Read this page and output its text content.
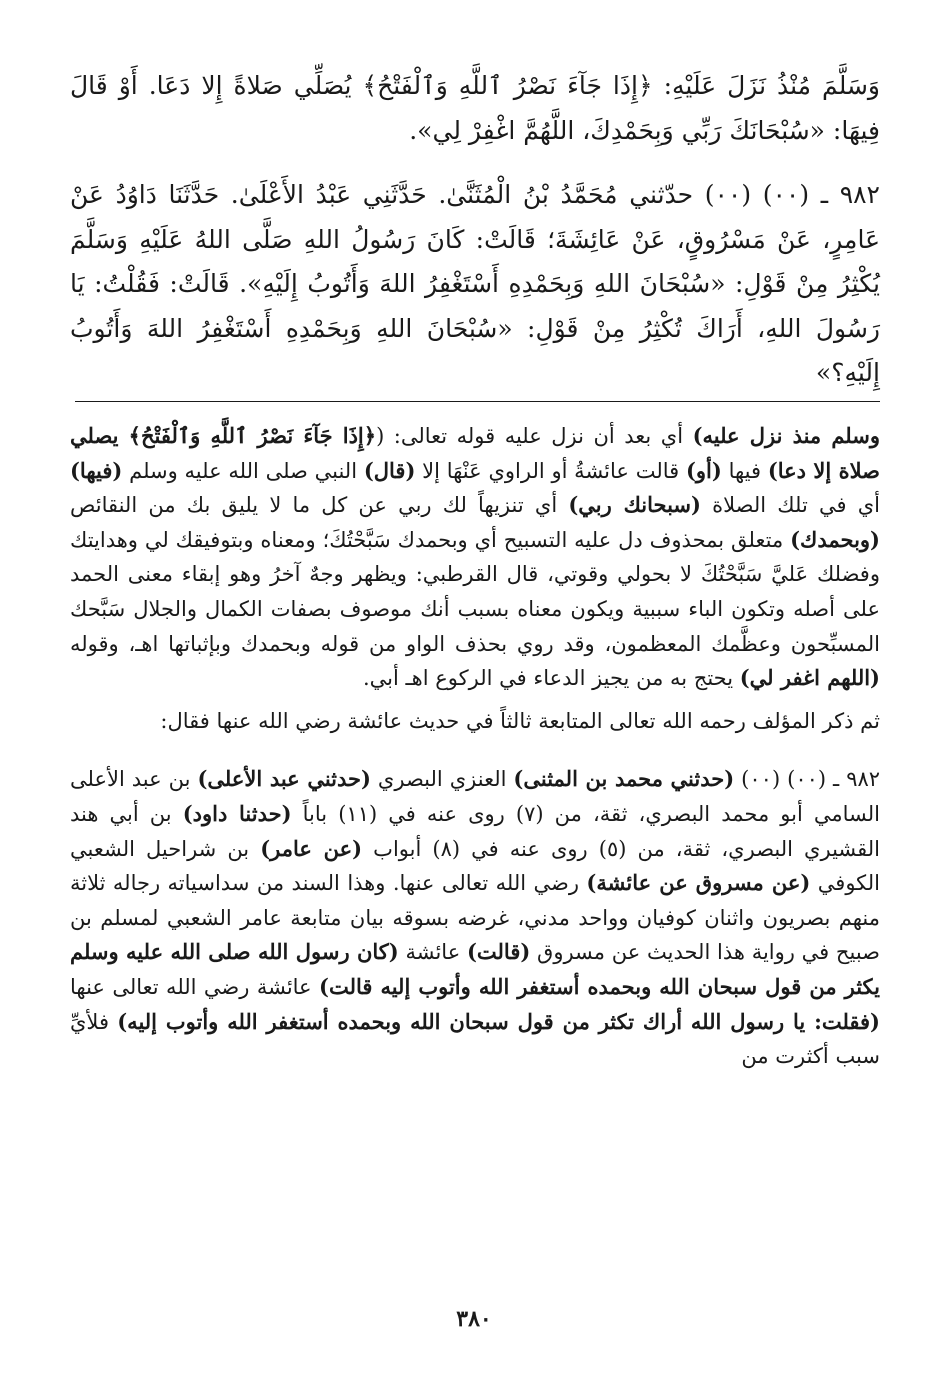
وَسَلَّمَ مُنْذُ نَزَلَ عَلَيْهِ: ﴿إِذَا جَآءَ نَصْرُ ٱللَّهِ وَٱلْفَتْحُ﴾ يُصَلِّي صَلاةً إِلا دَعَا. أَوْ قَالَ فِيهَا: «سُبْحَانَكَ رَبِّي وَبِحَمْدِكَ، اللَّهُمَّ اغْفِرْ لِي».

٩٨٢ ـ (٠٠) (٠٠) حدّثني مُحَمَّدُ بْنُ الْمُثَنَّىٰ. حَدَّثَنِي عَبْدُ الأَعْلَىٰ. حَدَّثَنَا دَاوُدُ عَنْ عَامِرٍ، عَنْ مَسْرُوقٍ، عَنْ عَائِشَةَ؛ قَالَتْ: كَانَ رَسُولُ اللهِ صَلَّى اللهُ عَلَيْهِ وَسَلَّمَ يُكْثِرُ مِنْ قَوْلِ: «سُبْحَانَ اللهِ وَبِحَمْدِهِ أَسْتَغْفِرُ اللهَ وَأَتُوبُ إِلَيْهِ». قَالَتْ: فَقُلْتُ: يَا رَسُولَ اللهِ، أَرَاكَ تُكْثِرُ مِنْ قَوْلِ: «سُبْحَانَ اللهِ وَبِحَمْدِهِ أَسْتَغْفِرُ اللهَ وَأَتُوبُ إِلَيْهِ؟»

وسلم منذ نزل عليه) أي بعد أن نزل عليه قوله تعالى: (﴿إِذَا جَآءَ نَصْرُ ٱللَّهِ وَٱلْفَتْحُ﴾ يصلي صلاة إلا دعا) فيها (أو) قالت عائشةُ أو الراوي عَنْهَا إلا (قال) النبي صلى الله عليه وسلم (فيها) أي في تلك الصلاة (سبحانك ربي) أي تنزيهاً لك ربي عن كل ما لا يليق بك من النقائص (وبحمدك) متعلق بمحذوف دل عليه التسبيح أي وبحمدك سَبَّحْتُكَ؛ ومعناه وبتوفيقك لي وهدايتك وفضلك عَليَّ سَبَّحْتُكَ لا بحولي وقوتي، قال القرطبي: ويظهر وجهٌ آخرُ وهو إبقاء معنى الحمد على أصله وتكون الباء سببية ويكون معناه بسبب أنك موصوف بصفات الكمال والجلال سَبَّحك المسبِّحون وعظَّمك المعظمون، وقد روي بحذف الواو من قوله وبحمدك وبإثباتها اهـ، وقوله (اللهم اغفر لي) يحتج به من يجيز الدعاء في الركوع اهـ أبي.

ثم ذكر المؤلف رحمه الله تعالى المتابعة ثالثاً في حديث عائشة رضي الله عنها فقال:

٩٨٢ ـ (٠٠) (٠٠) (حدثني محمد بن المثنى) العنزي البصري (حدثني عبد الأعلى) بن عبد الأعلى السامي أبو محمد البصري، ثقة، من (٧) روى عنه في (١١) باباً (حدثنا داود) بن أبي هند القشيري البصري، ثقة، من (٥) روى عنه في (٨) أبواب (عن عامر) بن شراحيل الشعبي الكوفي (عن مسروق عن عائشة) رضي الله تعالى عنها. وهذا السند من سداسياته رجاله ثلاثة منهم بصريون واثنان كوفيان وواحد مدني، غرضه بسوقه بيان متابعة عامر الشعبي لمسلم بن صبيح في رواية هذا الحديث عن مسروق (قالت) عائشة (كان رسول الله صلى الله عليه وسلم يكثر من قول سبحان الله وبحمده أستغفر الله وأتوب إليه قالت) عائشة رضي الله تعالى عنها (فقلت: يا رسول الله أراك تكثر من قول سبحان الله وبحمده أستغفر الله وأتوب إليه) فلأيِّ سبب أكثرت من

٣٨٠
